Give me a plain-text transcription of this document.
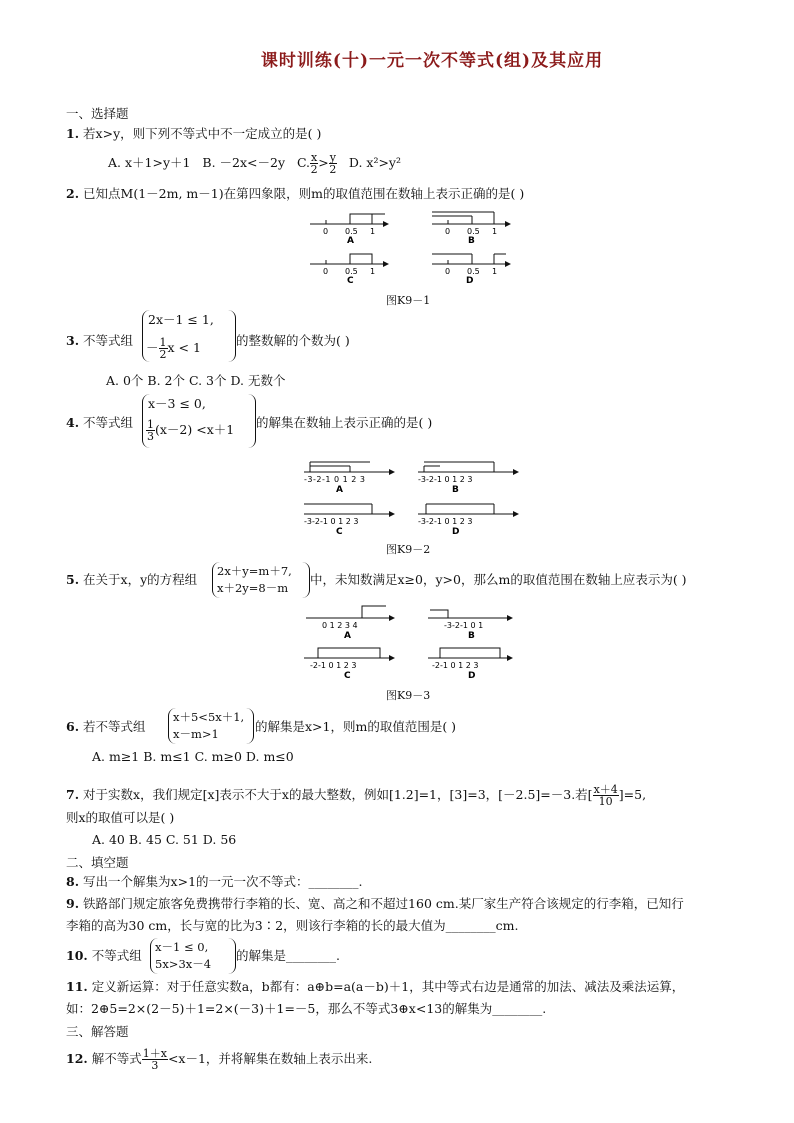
课时训练(十)一元一次不等式(组)及其应用
一、选择题
1. 若x>y，则下列不等式中不一定成立的是( )
A. x＋1>y＋1 B. －2x<－2y C. $\frac{x}{2} > \frac{y}{2} D$. x²>y²
2. 已知点M(1－2m, m－1)在第四象限，则m的取值范围在数轴上表示正确的是( )
0 0.5 1
A
0 0.5 1
B
0 0.5 1
C
0 0.5 1
D
图K9－1
3. 不等式组
2x－1 ≤ 1,
－ $\frac{1}{2}$ x < 1	的整数解的个数为( )
A. 0个 B. 2个 C. 3个 D. 无数个
4. 不等式组
x－3 ≤ 0,
$\frac{1}{3} (x-2) <x+1$ 的解集在数轴上表示正确的是( )
-3-2-1 0 1 2 3
A
-3-2-1 0 1 2 3
B
-3-2-1 0 1 2 3
C
-3-2-1 0 1 2 3
D
图K9－2
5. 在关于x，y的方程组
2x＋y=m＋7,
x＋2y=8－m
中，未知数满足x≥0，y>0，那么m的取值范围在数轴上应表示为( )
0 1 2 3 4
A
-3-2-1 0 1
B
-2-1 0 1 2 3
C
-2-1 0 1 2 3
D
图K9－3
6. 若不等式组
x＋5<5x＋1,
x－m>1	的解集是x>1，则m的取值范围是( )
A. m≥1 B. m≤1 C. m≥0 D. m≤0
7. 对于实数x，我们规定[x]表示不大于x的最大整数，例如[1.2]=1，[3]=3，[－2.5]=－3.若[ $\frac{x+4}{10} ]=5$,
则x的取值可以是( )
A. 40 B. 45 C. 51 D. 56
二、填空题
8. 写出一个解集为x>1的一元一次不等式：________.
9. 铁路部门规定旅客免费携带行李箱的长、宽、高之和不超过160 cm.某厂家生产符合该规定的行李箱，已知行
李箱的高为30 cm，长与宽的比为3∶2，则该行李箱的长的最大值为________cm.
10. 不等式组
x－1 ≤ 0,
5x>3x－4
的解集是________.
11. 定义新运算：对于任意实数a，b都有：a⊕b=a(a－b)＋1，其中等式右边是通常的加法、减法及乘法运算，
如：2⊕5=2×(2－5)＋1=2×(－3)＋1=－5，那么不等式3⊕x<13的解集为________.
三、解答题
12. 解不等式 $\frac{1+x}{3} <x-1$，并将解集在数轴上表示出来.
